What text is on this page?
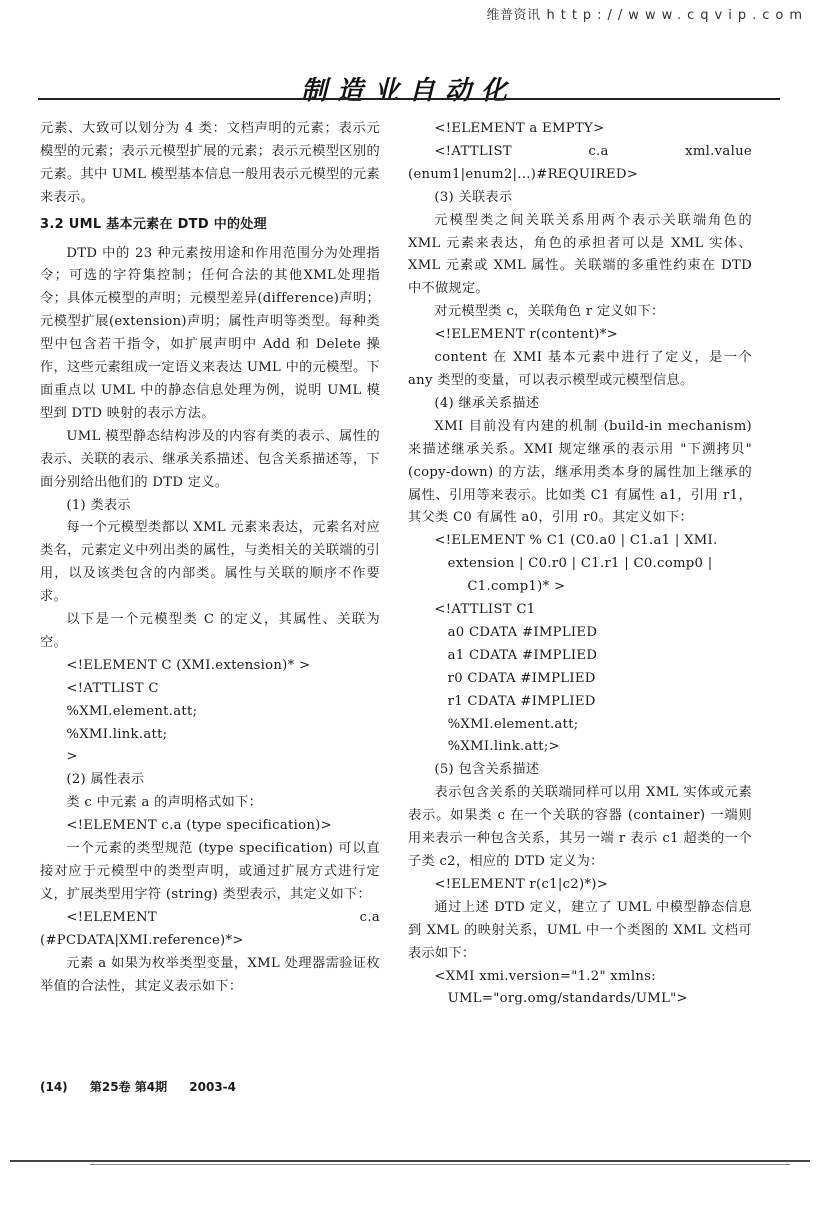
维普资讯 http://www.cqvip.com
制造业自动化

元素、大致可以划分为 4 类：文档声明的元素；表示元模型的元素；表示元模型扩展的元素；表示元模型区别的元素。其中 UML 模型基本信息一般用表示元模型的元素来表示。

3.2 UML 基本元素在 DTD 中的处理

DTD 中的 23 种元素按用途和作用范围分为处理指令；可选的字符集控制；任何合法的其他XML处理指令；具体元模型的声明；元模型差异(difference)声明；元模型扩展(extension)声明；属性声明等类型。每种类型中包含若干指令，如扩展声明中 Add 和 Delete 操作，这些元素组成一定语义来表达 UML 中的元模型。下面重点以 UML 中的静态信息处理为例，说明 UML 模型到 DTD 映射的表示方法。

UML 模型静态结构涉及的内容有类的表示、属性的表示、关联的表示、继承关系描述、包含关系描述等，下面分别给出他们的 DTD 定义。

(1) 类表示

每一个元模型类都以 XML 元素来表达，元素名对应类名，元素定义中列出类的属性，与类相关的关联端的引用，以及该类包含的内部类。属性与关联的顺序不作要求。

以下是一个元模型类 C 的定义，其属性、关联为空。

<!ELEMENT C (XMI.extension)* >

<!ATTLIST C

%XMI.element.att;

%XMI.link.att;

>

(2) 属性表示

类 c 中元素 a 的声明格式如下：

<!ELEMENT c.a (type specification)>

一个元素的类型规范 (type specification) 可以直接对应于元模型中的类型声明，或通过扩展方式进行定义，扩展类型用字符 (string) 类型表示，其定义如下：

<!ELEMENT c.a (#PCDATA|XMI.reference)*>

元素 a 如果为枚举类型变量，XML 处理器需验证枚举值的合法性，其定义表示如下：

<!ELEMENT a EMPTY>

<!ATTLIST c.a xml.value (enum1|enum2|...)#REQUIRED>

(3) 关联表示

元模型类之间关联关系用两个表示关联端角色的 XML 元素来表达，角色的承担者可以是 XML 实体、XML 元素或 XML 属性。关联端的多重性约束在 DTD 中不做规定。

对元模型类 c，关联角色 r 定义如下：

<!ELEMENT r(content)*>

content 在 XMI 基本元素中进行了定义，是一个 any 类型的变量，可以表示模型或元模型信息。

(4) 继承关系描述

XMI 目前没有内建的机制 (build-in mechanism) 来描述继承关系。XMI 规定继承的表示用 "下溯拷贝" (copy-down) 的方法，继承用类本身的属性加上继承的属性、引用等来表示。比如类 C1 有属性 a1，引用 r1，其父类 C0 有属性 a0，引用 r0。其定义如下：

<!ELEMENT % C1 (C0.a0 | C1.a1 | XMI.

extension | C0.r0 | C1.r1 | C0.comp0 |

C1.comp1)* >

<!ATTLIST C1

a0 CDATA #IMPLIED

a1 CDATA #IMPLIED

r0 CDATA #IMPLIED

r1 CDATA #IMPLIED

%XMI.element.att;

%XMI.link.att;>

(5) 包含关系描述

表示包含关系的关联端同样可以用 XML 实体或元素表示。如果类 c 在一个关联的容器 (container) 一端则用来表示一种包含关系，其另一端 r 表示 c1 超类的一个子类 c2，相应的 DTD 定义为：

<!ELEMENT r(c1|c2)*)>

通过上述 DTD 定义，建立了 UML 中模型静态信息到 XML 的映射关系，UML 中一个类图的 XML 文档可表示如下：

<XMI xmi.version="1.2" xmlns:

UML="org.omg/standards/UML">

(14) 第25卷 第4期 2003-4
